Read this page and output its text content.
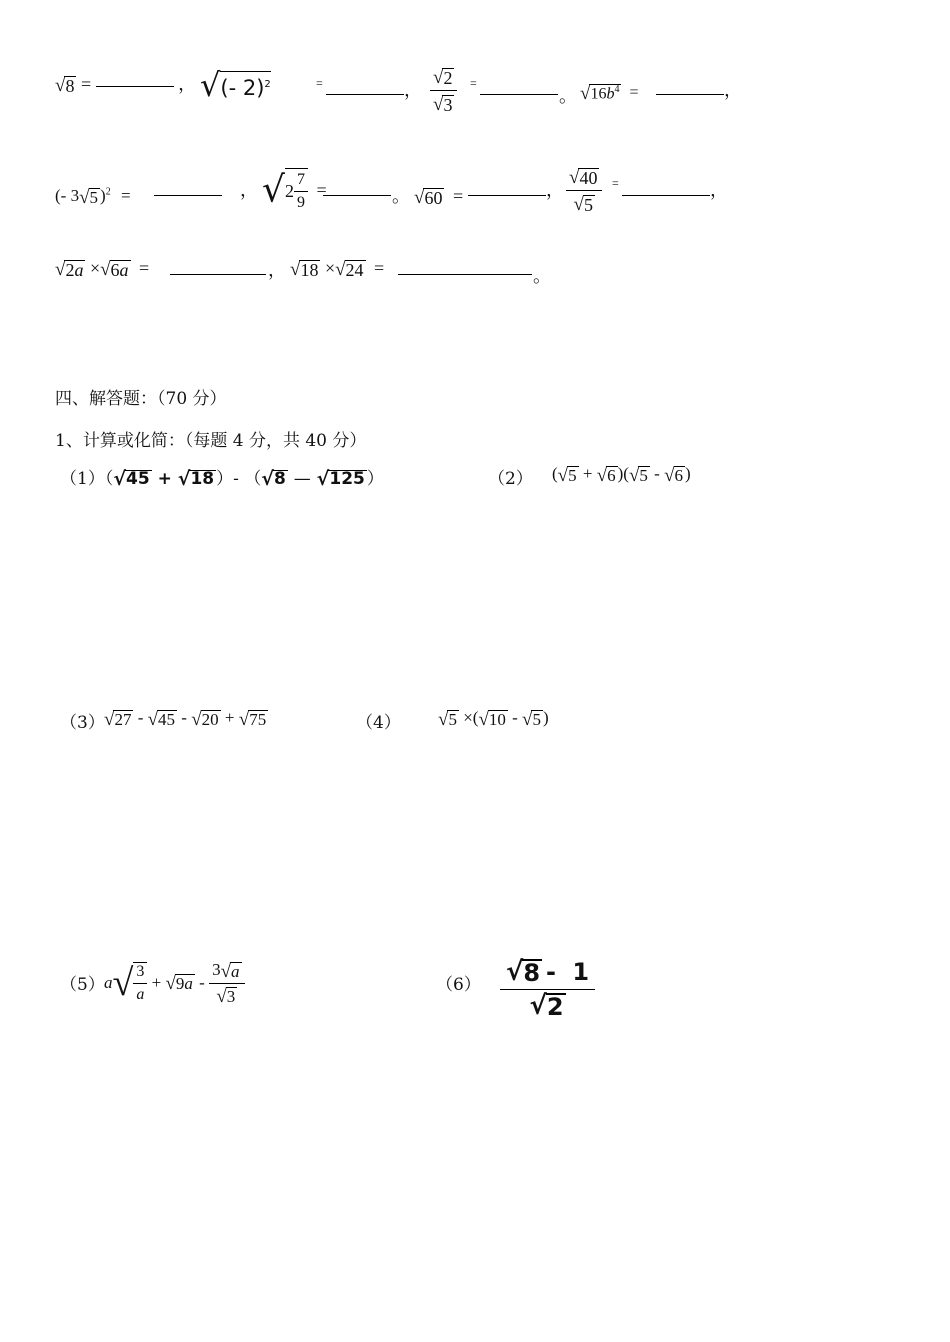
√ 8 =	， √(- 2)$^2$	=	， $\frac{√ 2}{√ 3}$ =
。 √ $16b^4$ =	，
(- 3 √ 5 )$^2$ =	， $√2 \frac{7}{9}$ =	。 √ 60 =	， $\frac{√ 40}{√ 5}$ =	，
√ 2a × √ 6a =	， √ 18 × √ 24 =	。
四、解答题：（70 分）
1、计算或化简：（每题 4 分，共 40 分）
（1）（ √ 45 + √ 18 ）- （ √ 8 — √ 125 ）	（2） ( √ 5 + √ 6 )( √ 5 - √ 6 )
（3） √ 27 - √ 45 - √ 20 + √ 75	（4） √ 5 ×( √ 10 - √ 5 )
（5） $a√ \frac{3}{a}$ + √ $9a - \frac{3 √ a}{√ 3}$	$(6) \frac{√ 8 - 1}{√ 2}$
